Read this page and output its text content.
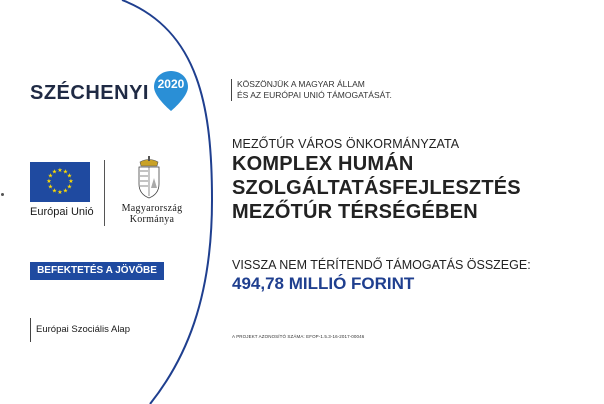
SZÉCHENYI 2020
★ ★
★
★
★
★
★
★
★
★
★
★
Európai Unió	Magyarország
Kormánya
BEFEKTETÉS A JÖVŐBE
Európai Szociális Alap
KÖSZÖNJÜK A MAGYAR ÁLLAM
ÉS AZ EURÓPAI UNIÓ TÁMOGATÁSÁT.
MEZŐTÚR VÁROS ÖNKORMÁNYZATA
KOMPLEX HUMÁN
SZOLGÁLTATÁSFEJLESZTÉS
MEZŐTÚR TÉRSÉGÉBEN
VISSZA NEM TÉRÍTENDŐ TÁMOGATÁS ÖSSZEGE:
494,78 MILLIÓ FORINT
A PROJEKT AZONOSÍTÓ SZÁMA: EFOP-1.5.3-16-2017-00046
